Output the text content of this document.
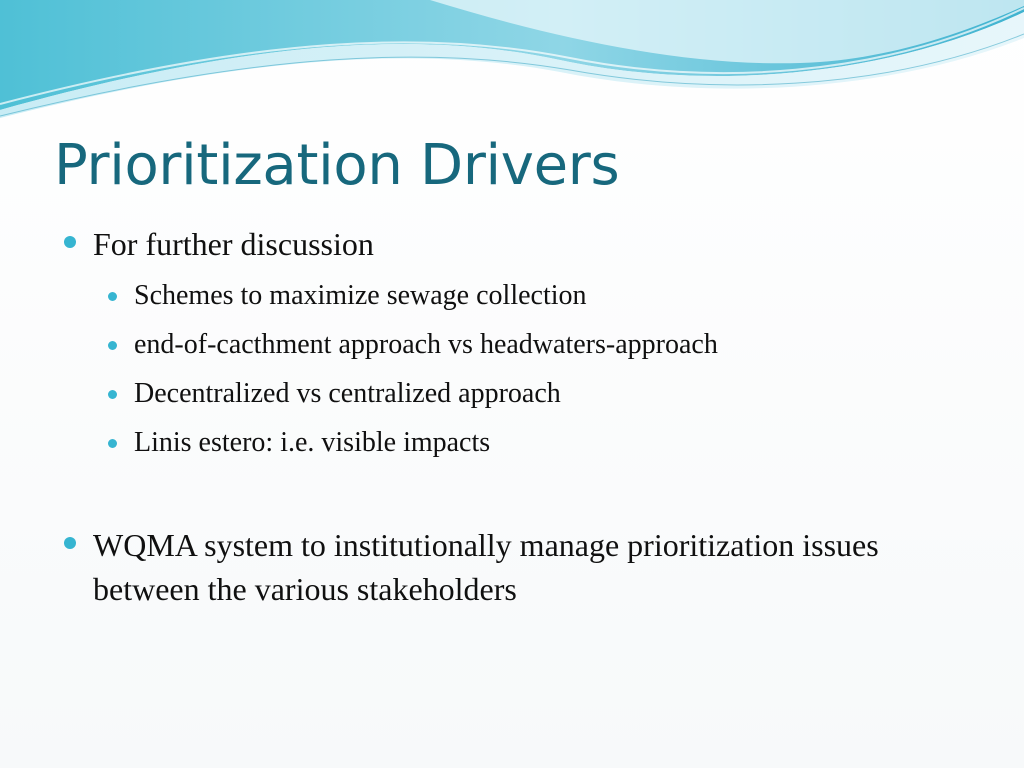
Prioritization Drivers
For further discussion
Schemes to maximize sewage collection
end-of-cacthment approach vs headwaters-approach
Decentralized vs centralized approach
Linis estero: i.e. visible impacts
WQMA system to institutionally manage prioritization issues between the various stakeholders
